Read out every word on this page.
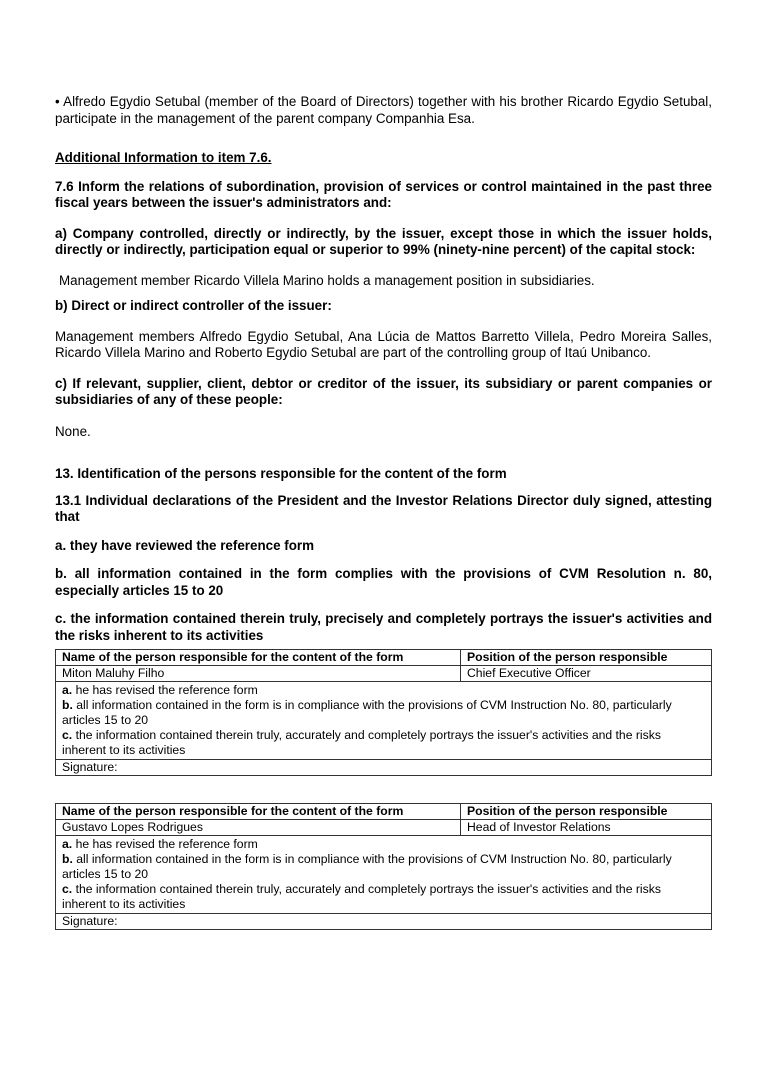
• Alfredo Egydio Setubal (member of the Board of Directors) together with his brother Ricardo Egydio Setubal, participate in the management of the parent company Companhia Esa.

Additional Information to item 7.6.

7.6 Inform the relations of subordination, provision of services or control maintained in the past three fiscal years between the issuer's administrators and:

a) Company controlled, directly or indirectly, by the issuer, except those in which the issuer holds, directly or indirectly, participation equal or superior to 99% (ninety-nine percent) of the capital stock:

Management member Ricardo Villela Marino holds a management position in subsidiaries.

b) Direct or indirect controller of the issuer:

Management members Alfredo Egydio Setubal, Ana Lúcia de Mattos Barretto Villela, Pedro Moreira Salles, Ricardo Villela Marino and Roberto Egydio Setubal are part of the controlling group of Itaú Unibanco.

c) If relevant, supplier, client, debtor or creditor of the issuer, its subsidiary or parent companies or subsidiaries of any of these people:

None.

13. Identification of the persons responsible for the content of the form

13.1 Individual declarations of the President and the Investor Relations Director duly signed, attesting that

a. they have reviewed the reference form

b. all information contained in the form complies with the provisions of CVM Resolution n. 80, especially articles 15 to 20

c. the information contained therein truly, precisely and completely portrays the issuer's activities and the risks inherent to its activities

Name of the person responsible for the content of the form	Position of the person responsible
Miton Maluhy Filho	Chief Executive Officer

a. he has revised the reference form
b. all information contained in the form is in compliance with the provisions of CVM Instruction No. 80, particularly articles 15 to 20
c. the information contained therein truly, accurately and completely portrays the issuer's activities and the risks inherent to its activities	

Signature:	
Name of the person responsible for the content of the form	Position of the person responsible
Gustavo Lopes Rodrigues	Head of Investor Relations

a. he has revised the reference form
b. all information contained in the form is in compliance with the provisions of CVM Instruction No. 80, particularly articles 15 to 20
c. the information contained therein truly, accurately and completely portrays the issuer's activities and the risks inherent to its activities	

Signature:	
